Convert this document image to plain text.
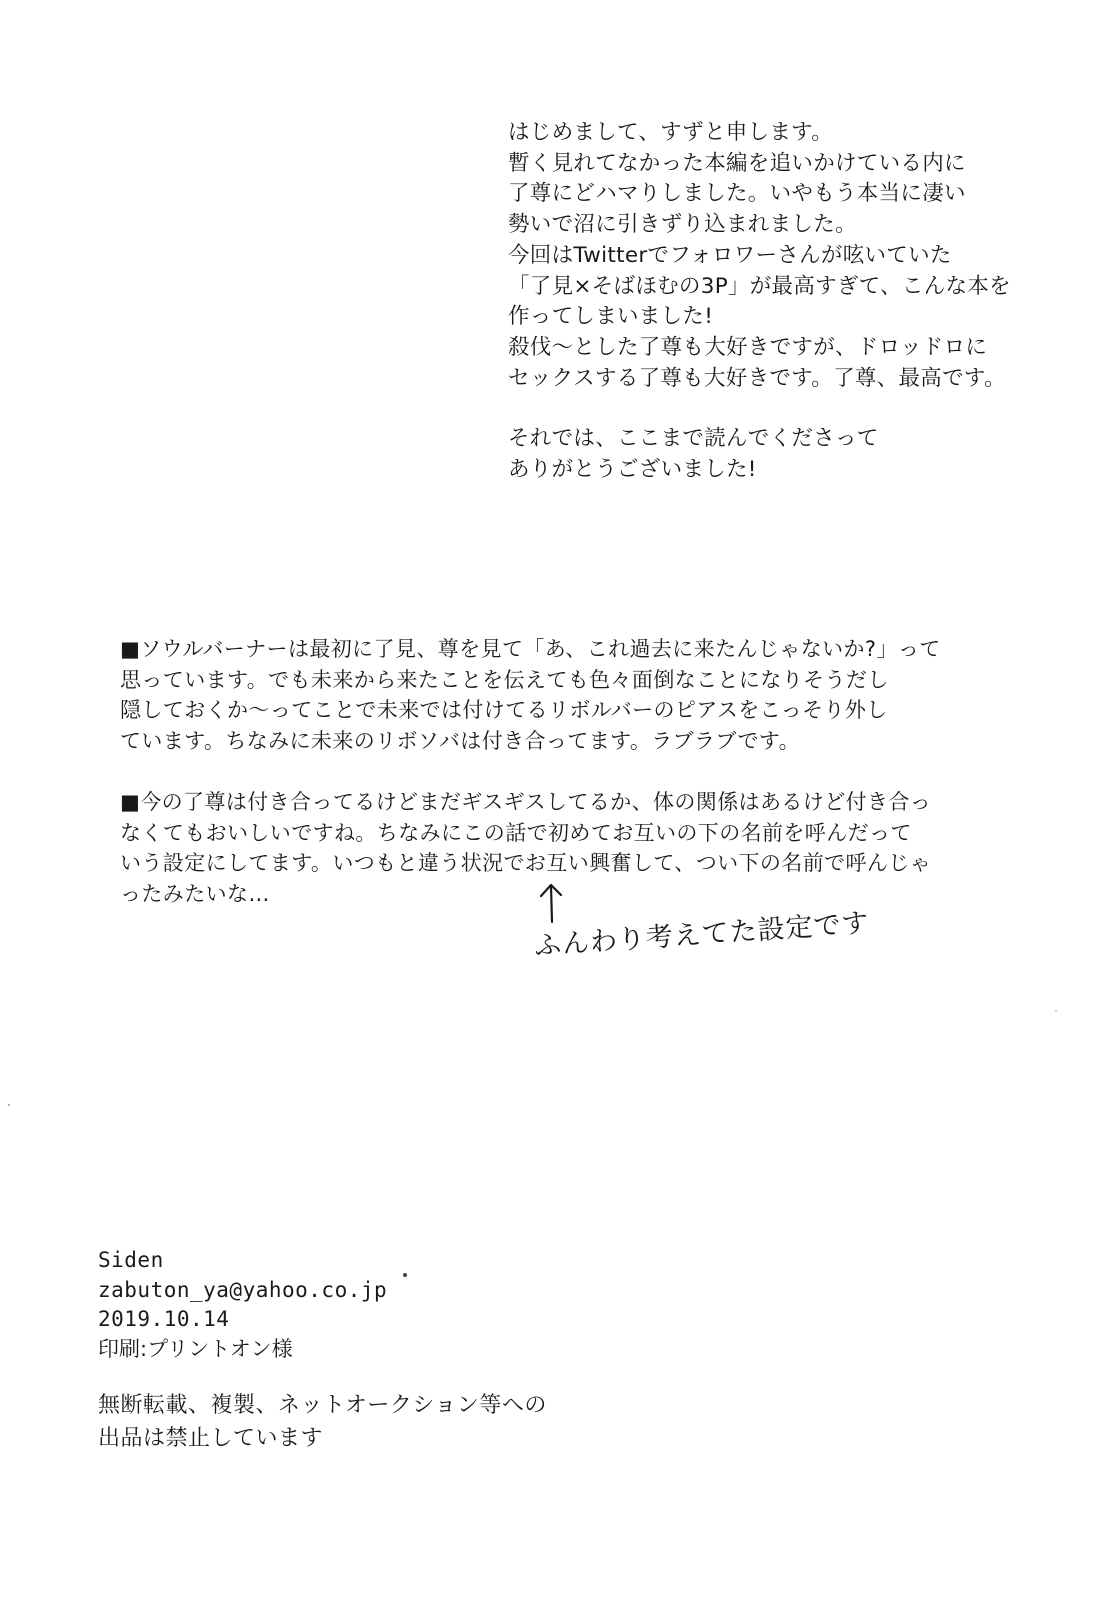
はじめまして、すずと申します。
暫く見れてなかった本編を追いかけている内に
了尊にどハマりしました。いやもう本当に凄い
勢いで沼に引きずり込まれました。
今回はTwitterでフォロワーさんが呟いていた
「了見×そばほむの3P」が最高すぎて、こんな本を
作ってしまいました!
殺伐～とした了尊も大好きですが、ドロッドロに
セックスする了尊も大好きです。了尊、最高です。
それでは、ここまで読んでくださって
ありがとうございました!
■ソウルバーナーは最初に了見、尊を見て「あ、これ過去に来たんじゃないか?」って
思っています。でも未来から来たことを伝えても色々面倒なことになりそうだし
隠しておくか～ってことで未来では付けてるリボルバーのピアスをこっそり外し
ています。ちなみに未来のリボソバは付き合ってます。ラブラブです。
■今の了尊は付き合ってるけどまだギスギスしてるか、体の関係はあるけど付き合っ
なくてもおいしいですね。ちなみにこの話で初めてお互いの下の名前を呼んだって
いう設定にしてます。いつもと違う状況でお互い興奮して、つい下の名前で呼んじゃ
ったみたいな…
ふんわり考えてた設定です
Siden
zabuton_ya@yahoo.co.jp
2019.10.14
印刷:プリントオン様
無断転載、複製、ネットオークション等への
出品は禁止しています
